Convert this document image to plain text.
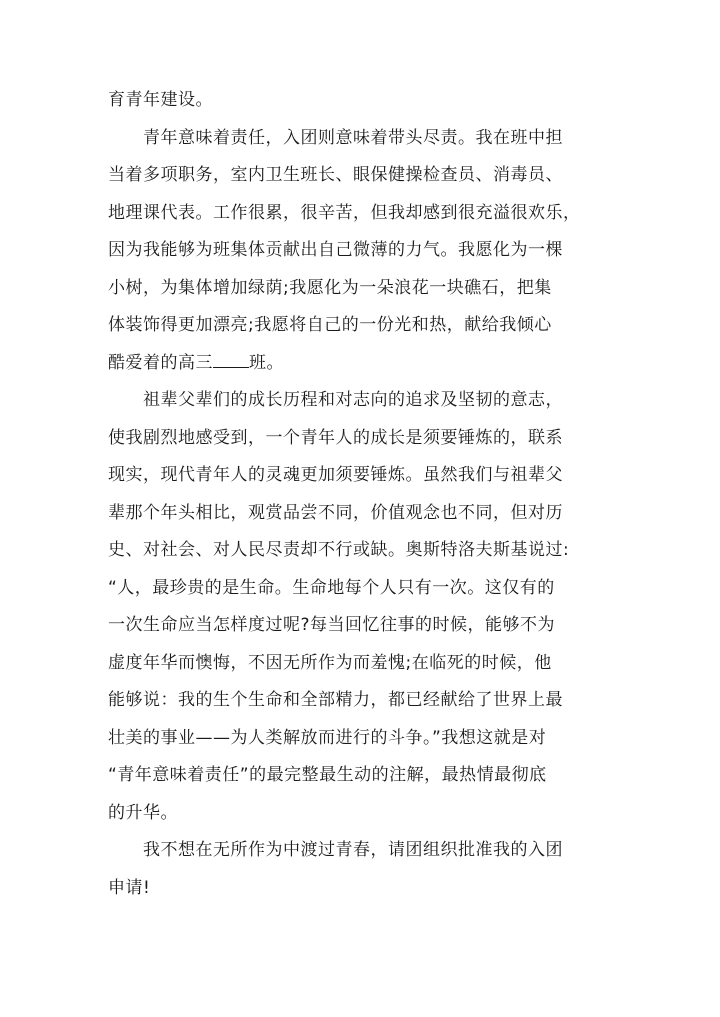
育青年建设。
青年意味着责任，入团则意味着带头尽责。我在班中担
当着多项职务，室内卫生班长、眼保健操检查员、消毒员、
地理课代表。工作很累，很辛苦，但我却感到很充溢很欢乐，
因为我能够为班集体贡献出自己微薄的力气。我愿化为一棵
小树，为集体增加绿荫;我愿化为一朵浪花一块礁石，把集
体装饰得更加漂亮;我愿将自己的一份光和热，献给我倾心
酷爱着的高三 班。
祖辈父辈们的成长历程和对志向的追求及坚韧的意志，
使我剧烈地感受到，一个青年人的成长是须要锤炼的，联系
现实，现代青年人的灵魂更加须要锤炼。虽然我们与祖辈父
辈那个年头相比，观赏品尝不同，价值观念也不同，但对历
史、对社会、对人民尽责却不行或缺。奥斯特洛夫斯基说过:
“人，最珍贵的是生命。生命地每个人只有一次。这仅有的
一次生命应当怎样度过呢?每当回忆往事的时候，能够不为
虚度年华而懊悔，不因无所作为而羞愧;在临死的时候，他
能够说：我的生个生命和全部精力，都已经献给了世界上最
壮美的事业——为人类解放而进行的斗争。”我想这就是对
“青年意味着责任”的最完整最生动的注解，最热情最彻底
的升华。
我不想在无所作为中渡过青春，请团组织批准我的入团
申请!
